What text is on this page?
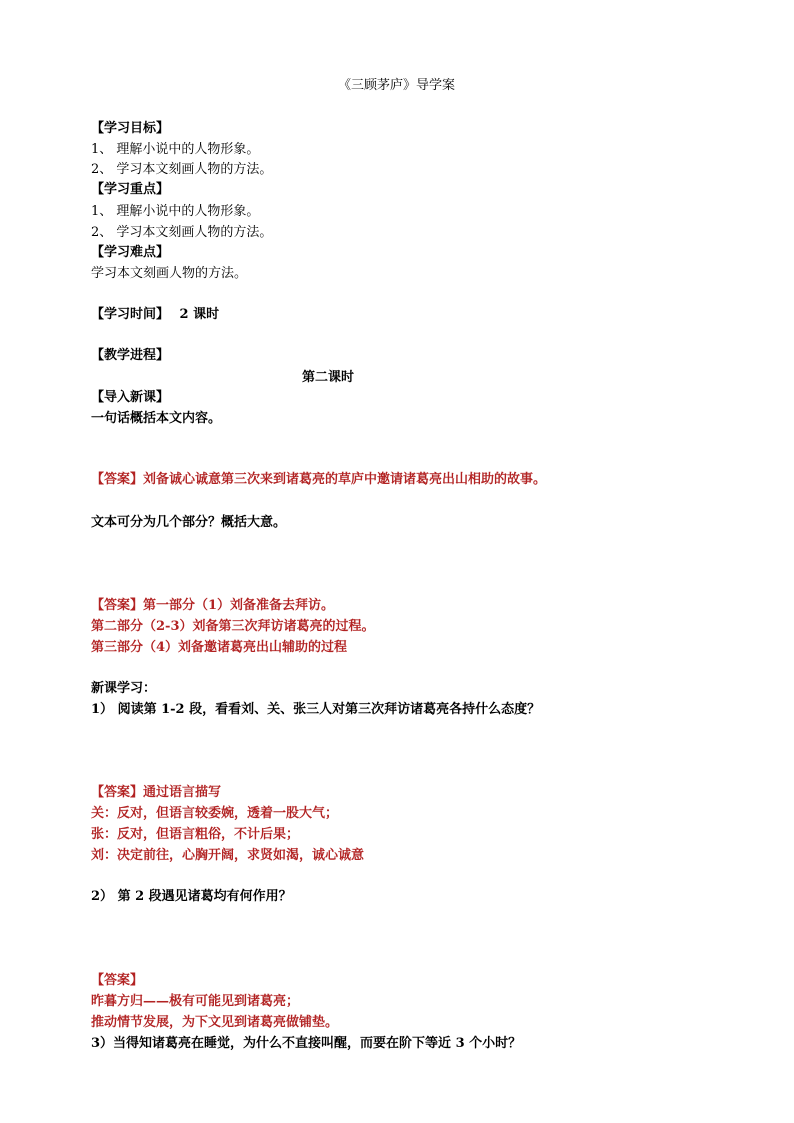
《三顾茅庐》导学案
【学习目标】
1、 理解小说中的人物形象。
2、 学习本文刻画人物的方法。
【学习重点】
1、 理解小说中的人物形象。
2、 学习本文刻画人物的方法。
【学习难点】
学习本文刻画人物的方法。
【学习时间】 2 课时
【教学进程】
第二课时
【导入新课】
一句话概括本文内容。
【答案】刘备诚心诚意第三次来到诸葛亮的草庐中邀请诸葛亮出山相助的故事。
文本可分为几个部分？概括大意。
【答案】第一部分（1）刘备准备去拜访。
第二部分（2-3）刘备第三次拜访诸葛亮的过程。
第三部分（4）刘备邀诸葛亮出山辅助的过程
新课学习：
1） 阅读第 1-2 段，看看刘、关、张三人对第三次拜访诸葛亮各持什么态度？
【答案】通过语言描写
关：反对，但语言较委婉，透着一股大气；
张：反对，但语言粗俗，不计后果；
刘：决定前往，心胸开阔，求贤如渴，诚心诚意
2） 第 2 段遇见诸葛均有何作用？
【答案】
昨暮方归——极有可能见到诸葛亮；
推动情节发展，为下文见到诸葛亮做铺垫。
3）当得知诸葛亮在睡觉，为什么不直接叫醒，而要在阶下等近 3 个小时？
